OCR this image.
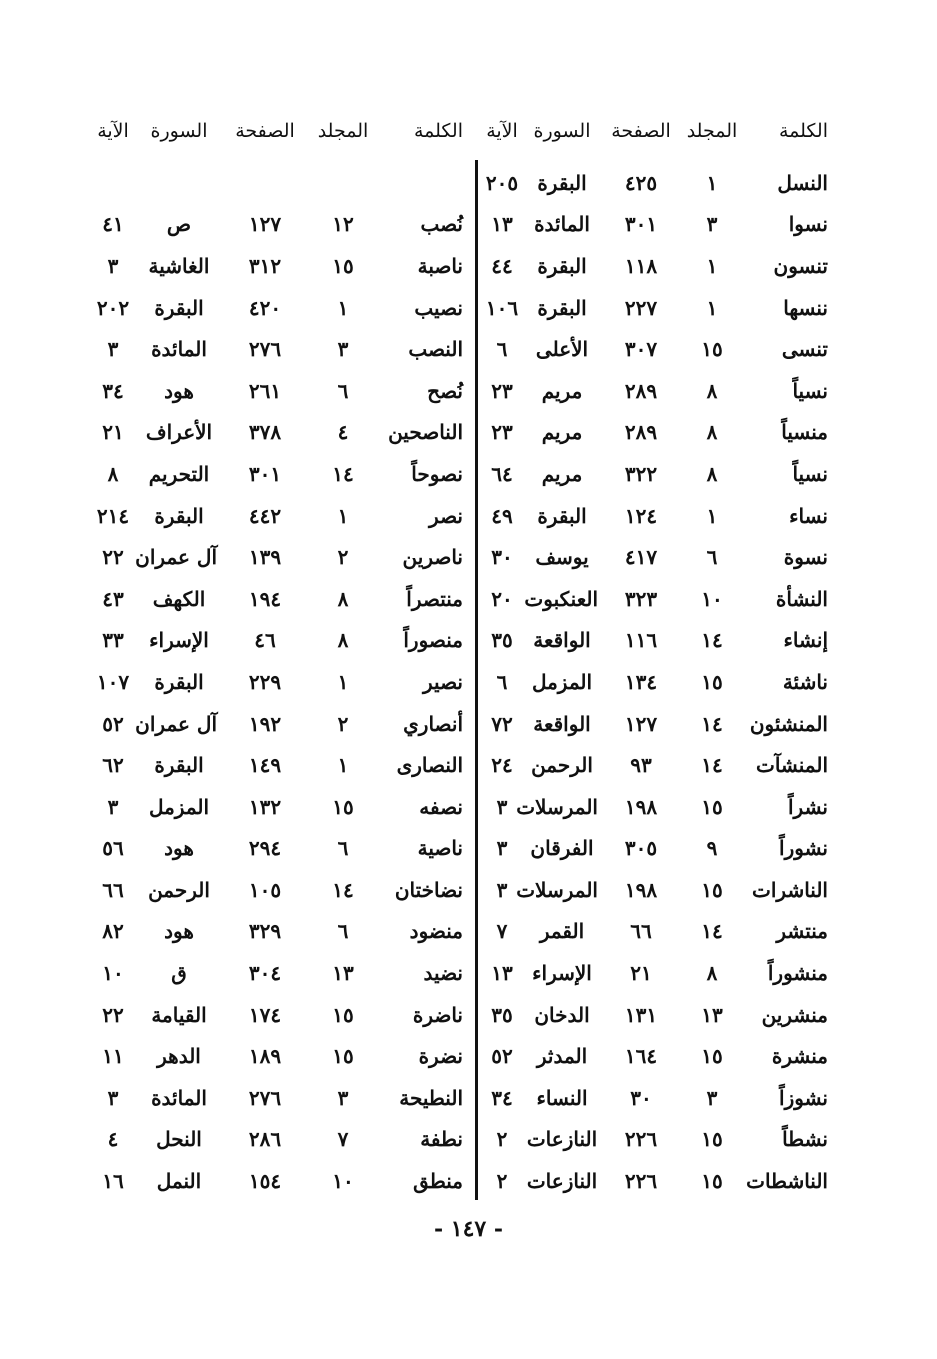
الكلمة
المجلد
الصفحة
السورة
الآية
النسل
١
٤٢٥
البقرة
٢٠٥
نسوا
٣
٣٠١
المائدة
١٣
تنسون
١
١١٨
البقرة
٤٤
ننسها
١
٢٢٧
البقرة
١٠٦
تنسى
١٥
٣٠٧
الأعلى
٦
نسياً
٨
٢٨٩
مريم
٢٣
منسياً
٨
٢٨٩
مريم
٢٣
نسياً
٨
٣٢٢
مريم
٦٤
نساء
١
١٢٤
البقرة
٤٩
نسوة
٦
٤١٧
يوسف
٣٠
النشأة
١٠
٣٢٣
العنكبوت
٢٠
إنشاء
١٤
١١٦
الواقعة
٣٥
ناشئة
١٥
١٣٤
المزمل
٦
المنشئون
١٤
١٢٧
الواقعة
٧٢
المنشآت
١٤
٩٣
الرحمن
٢٤
نشراً
١٥
١٩٨
المرسلات
٣
نشوراً
٩
٣٠٥
الفرقان
٣
الناشرات
١٥
١٩٨
المرسلات
٣
منتشر
١٤
٦٦
القمر
٧
منشوراً
٨
٢١
الإسراء
١٣
منشرين
١٣
١٣١
الدخان
٣٥
منشرة
١٥
١٦٤
المدثر
٥٢
نشوزاً
٣
٣٠
النساء
٣٤
نشطاً
١٥
٢٢٦
النازعات
٢
الناشطات
١٥
٢٢٦
النازعات
٢
الكلمة
المجلد
الصفحة
السورة
الآية
نُصب
١٢
١٢٧
ص
٤١
ناصبة
١٥
٣١٢
الغاشية
٣
نصيب
١
٤٢٠
البقرة
٢٠٢
النصب
٣
٢٧٦
المائدة
٣
نُصح
٦
٢٦١
هود
٣٤
الناصحين
٤
٣٧٨
الأعراف
٢١
نصوحاً
١٤
٣٠١
التحريم
٨
نصر
١
٤٤٢
البقرة
٢١٤
ناصرين
٢
١٣٩
آل عمران
٢٢
منتصراً
٨
١٩٤
الكهف
٤٣
منصوراً
٨
٤٦
الإسراء
٣٣
نصير
١
٢٢٩
البقرة
١٠٧
أنصاري
٢
١٩٢
آل عمران
٥٢
النصارى
١
١٤٩
البقرة
٦٢
نصفه
١٥
١٣٢
المزمل
٣
ناصية
٦
٢٩٤
هود
٥٦
نضاختان
١٤
١٠٥
الرحمن
٦٦
منضود
٦
٣٢٩
هود
٨٢
نضيد
١٣
٣٠٤
ق
١٠
ناضرة
١٥
١٧٤
القيامة
٢٢
نضرة
١٥
١٨٩
الدهر
١١
النطيحة
٣
٢٧٦
المائدة
٣
نطفة
٧
٢٨٦
النحل
٤
منطق
١٠
١٥٤
النمل
١٦
- ١٤٧ -
